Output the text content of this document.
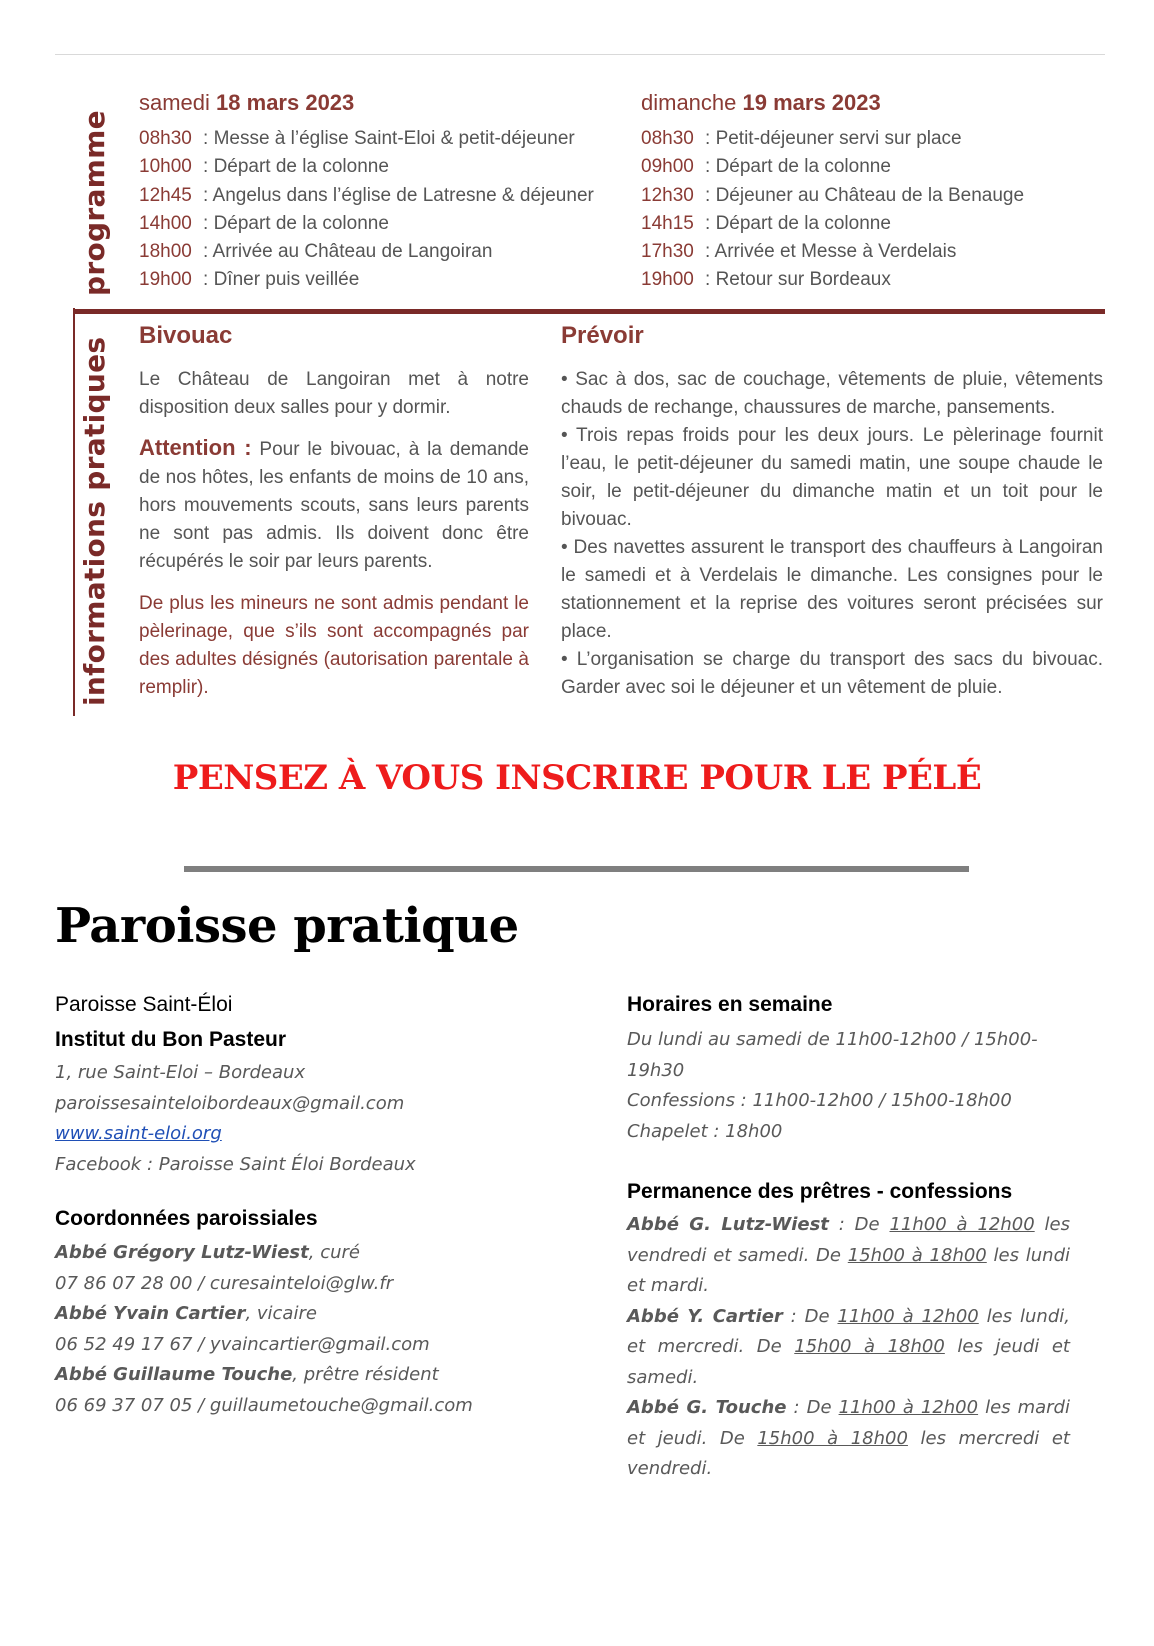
programme
informations pratiques
samedi 18 mars 2023
08h30 : Messe à l’église Saint-Eloi & petit-déjeuner
10h00 : Départ de la colonne
12h45 : Angelus dans l’église de Latresne & déjeuner
14h00 : Départ de la colonne
18h00 : Arrivée au Château de Langoiran
19h00 : Dîner puis veillée
dimanche 19 mars 2023
08h30 : Petit-déjeuner servi sur place
09h00 : Départ de la colonne
12h30 : Déjeuner au Château de la Benauge
14h15 : Départ de la colonne
17h30 : Arrivée et Messe à Verdelais
19h00 : Retour sur Bordeaux
Bivouac
Le Château de Langoiran met à notre disposition deux salles pour y dormir.
Attention : Pour le bivouac, à la demande de nos hôtes, les enfants de moins de 10 ans, hors mouvements scouts, sans leurs parents ne sont pas admis. Ils doivent donc être récupérés le soir par leurs parents.
De plus les mineurs ne sont admis pendant le pèlerinage, que s’ils sont accompagnés par des adultes désignés (autorisation parentale à remplir).
Prévoir

• Sac à dos, sac de couchage, vêtements de pluie, vêtements chauds de rechange, chaussures de marche, pansements.

• Trois repas froids pour les deux jours. Le pèlerinage fournit l’eau, le petit-déjeuner du samedi matin, une soupe chaude le soir, le petit-déjeuner du dimanche matin et un toit pour le bivouac.

• Des navettes assurent le transport des chauffeurs à Langoiran le samedi et à Verdelais le dimanche. Les consignes pour le stationnement et la reprise des voitures seront précisées sur place.

• L’organisation se charge du transport des sacs du bivouac. Garder avec soi le déjeuner et un vêtement de pluie.

PENSEZ À VOUS INSCRIRE POUR LE PÉLÉ
Paroisse pratique
Paroisse Saint-Éloi
Institut du Bon Pasteur
1, rue Saint-Eloi – Bordeaux
paroissesainteloibordeaux@gmail.com
www.saint-eloi.org
Facebook : Paroisse Saint Éloi Bordeaux
Coordonnées paroissiales
Abbé Grégory Lutz-Wiest, curé
07 86 07 28 00 / curesainteloi@glw.fr
Abbé Yvain Cartier, vicaire
06 52 49 17 67 / yvaincartier@gmail.com
Abbé Guillaume Touche, prêtre résident
06 69 37 07 05 / guillaumetouche@gmail.com
Horaires en semaine
Du lundi au samedi de 11h00-12h00 / 15h00-19h30
Confessions : 11h00-12h00 / 15h00-18h00
Chapelet : 18h00
Permanence des prêtres - confessions
Abbé G. Lutz-Wiest : De 11h00 à 12h00 les vendredi et samedi. De 15h00 à 18h00 les lundi et mardi.
Abbé Y. Cartier : De 11h00 à 12h00 les lundi, et mercredi. De 15h00 à 18h00 les jeudi et samedi.
Abbé G. Touche : De 11h00 à 12h00 les mardi et jeudi. De 15h00 à 18h00 les mercredi et vendredi.
